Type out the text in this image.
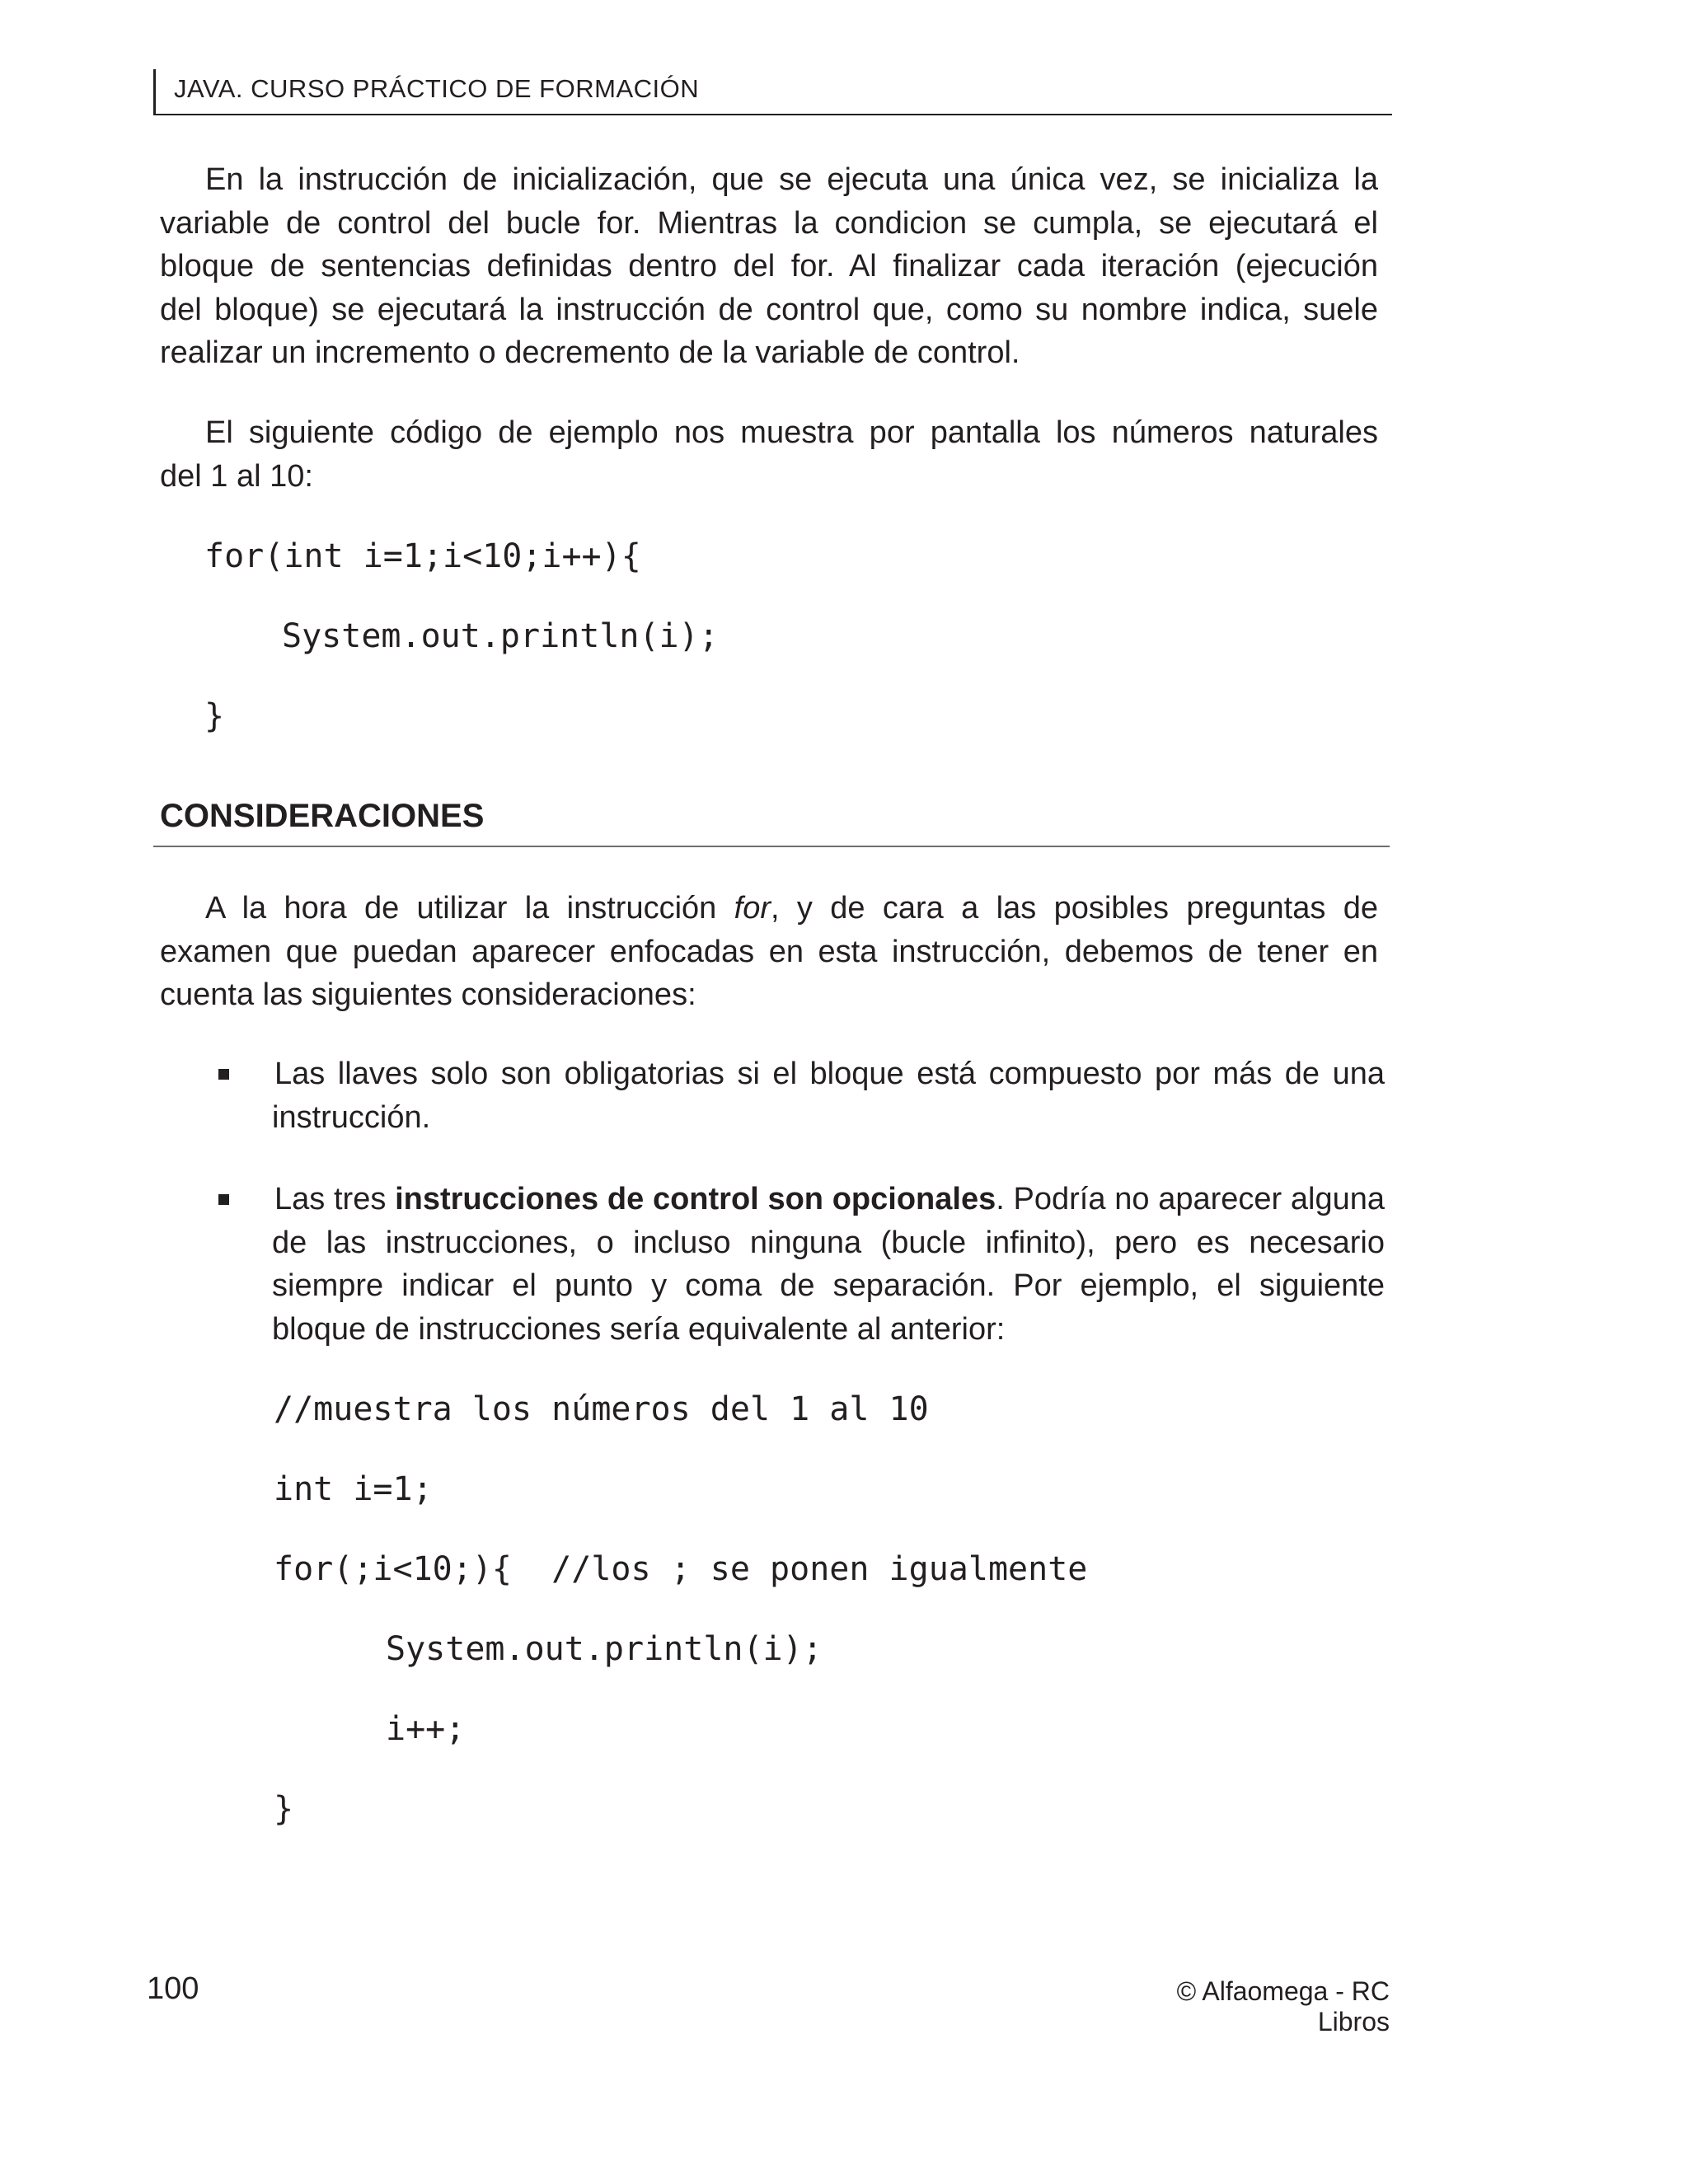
JAVA. CURSO PRÁCTICO DE FORMACIÓN
En la instrucción de inicialización, que se ejecuta una única vez, se inicializa la
variable de control del bucle for. Mientras la condicion se cumpla, se ejecutará el
bloque de sentencias definidas dentro del for. Al finalizar cada iteración (ejecución
del bloque) se ejecutará la instrucción de control que, como su nombre indica, suele
realizar un incremento o decremento de la variable de control.
El siguiente código de ejemplo nos muestra por pantalla los números naturales
del 1 al 10:
for(int i=1;i<10;i++){
System.out.println(i);
}
CONSIDERACIONES
A la hora de utilizar la instrucción for, y de cara a las posibles preguntas de
examen que puedan aparecer enfocadas en esta instrucción, debemos de tener en
cuenta las siguientes consideraciones:
Las llaves solo son obligatorias si el bloque está compuesto por más de una
instrucción.
Las tres instrucciones de control son opcionales. Podría no aparecer alguna
de las instrucciones, o incluso ninguna (bucle infinito), pero es necesario
siempre indicar el punto y coma de separación. Por ejemplo, el siguiente
bloque de instrucciones sería equivalente al anterior:
//muestra los números del 1 al 10
int i=1;
for(;i<10;){  //los ; se ponen igualmente
System.out.println(i);
i++;
}
100	© Alfaomega - RC Libros
